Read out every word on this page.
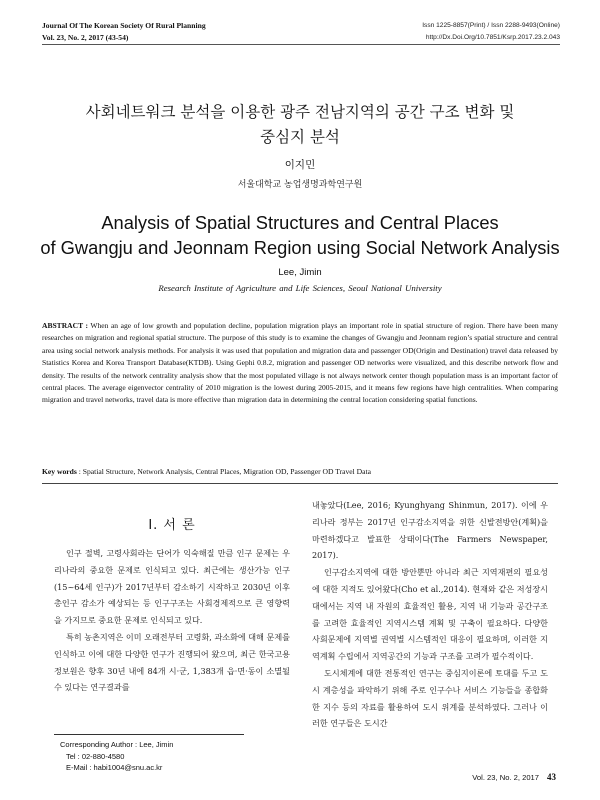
Journal Of The Korean Society Of Rural Planning
Vol. 23, No. 2, 2017 (43-54)
Issn 1225-8857(Print) / Issn 2288-9493(Online)
http://Dx.Doi.Org/10.7851/Ksrp.2017.23.2.043
사회네트워크 분석을 이용한 광주 전남지역의 공간 구조 변화 및
중심지 분석
이지민
서울대학교 농업생명과학연구원
Analysis of Spatial Structures and Central Places
of Gwangju and Jeonnam Region using Social Network Analysis
Lee, Jimin
Research Institute of Agriculture and Life Sciences, Seoul National University
ABSTRACT : When an age of low growth and population decline, population migration plays an important role in spatial structure of region. There have been many researches on migration and regional spatial structure. The purpose of this study is to examine the changes of Gwangju and Jeonnam region’s spatial structure and central area using social network analysis methods. For analysis it was used that population and migration data and passenger OD(Origin and Destination) travel data released by Statistics Korea and Korea Transport Database(KTDB). Using Gephi 0.8.2, migration and passenger OD networks were visualized, and this describe network flow and density. The results of the network centrality analysis show that the most populated village is not always network center though population mass is an important factor of central places. The average eigenvector centrality of 2010 migration is the lowest during 2005-2015, and it means few regions have high centralities. When comparing migration and travel networks, travel data is more effective than migration data in determining the central location considering spatial functions.
Key words : Spatial Structure, Network Analysis, Central Places, Migration OD, Passenger OD Travel Data
Ⅰ. 서 론

인구 절벽, 고령사회라는 단어가 익숙해질 만큼 인구 문제는 우리나라의 중요한 문제로 인식되고 있다. 최근에는 생산가능 인구(15~64세 인구)가 2017년부터 감소하기 시작하고 2030년 이후 총인구 감소가 예상되는 등 인구구조는 사회경제적으로 큰 영향력을 가지므로 중요한 문제로 인식되고 있다.

특히 농촌지역은 이미 오래전부터 고령화, 과소화에 대해 문제를 인식하고 이에 대한 다양한 연구가 진행되어 왔으며, 최근 한국고용정보원은 향후 30년 내에 84개 시·군, 1,383개 읍·면·동이 소멸될 수 있다는 연구결과를

내놓았다(Lee, 2016; Kyunghyang Shinmun, 2017). 이에 우리나라 정부는 2017년 인구감소지역을 위한 신발전방안(계획)을 마련하겠다고 발표한 상태이다(The Farmers Newspaper, 2017).

인구감소지역에 대한 방안뿐만 아니라 최근 지역재편의 필요성에 대한 지적도 있어왔다(Cho et al.,2014). 현재와 같은 저성장시대에서는 지역 내 자원의 효율적인 활용, 지역 내 기능과 공간구조를 고려한 효율적인 지역시스템 계획 및 구축이 필요하다. 다양한 사회문제에 지역별 권역별 시스템적인 대응이 필요하며, 이러한 지역계획 수립에서 지역공간의 기능과 구조를 고려가 필수적이다.

도시체계에 대한 전통적인 연구는 중심지이론에 토대를 두고 도시 계층성을 파악하기 위해 주로 인구수나 서비스 기능들을 종합화한 지수 등의 자료를 활용하여 도시 위계를 분석하였다. 그러나 이러한 연구들은 도시간

Corresponding Author : Lee, Jimin
Tel : 02-880-4580
E-Mail : habi1004@snu.ac.kr
Vol. 23, No. 2, 2017 43
